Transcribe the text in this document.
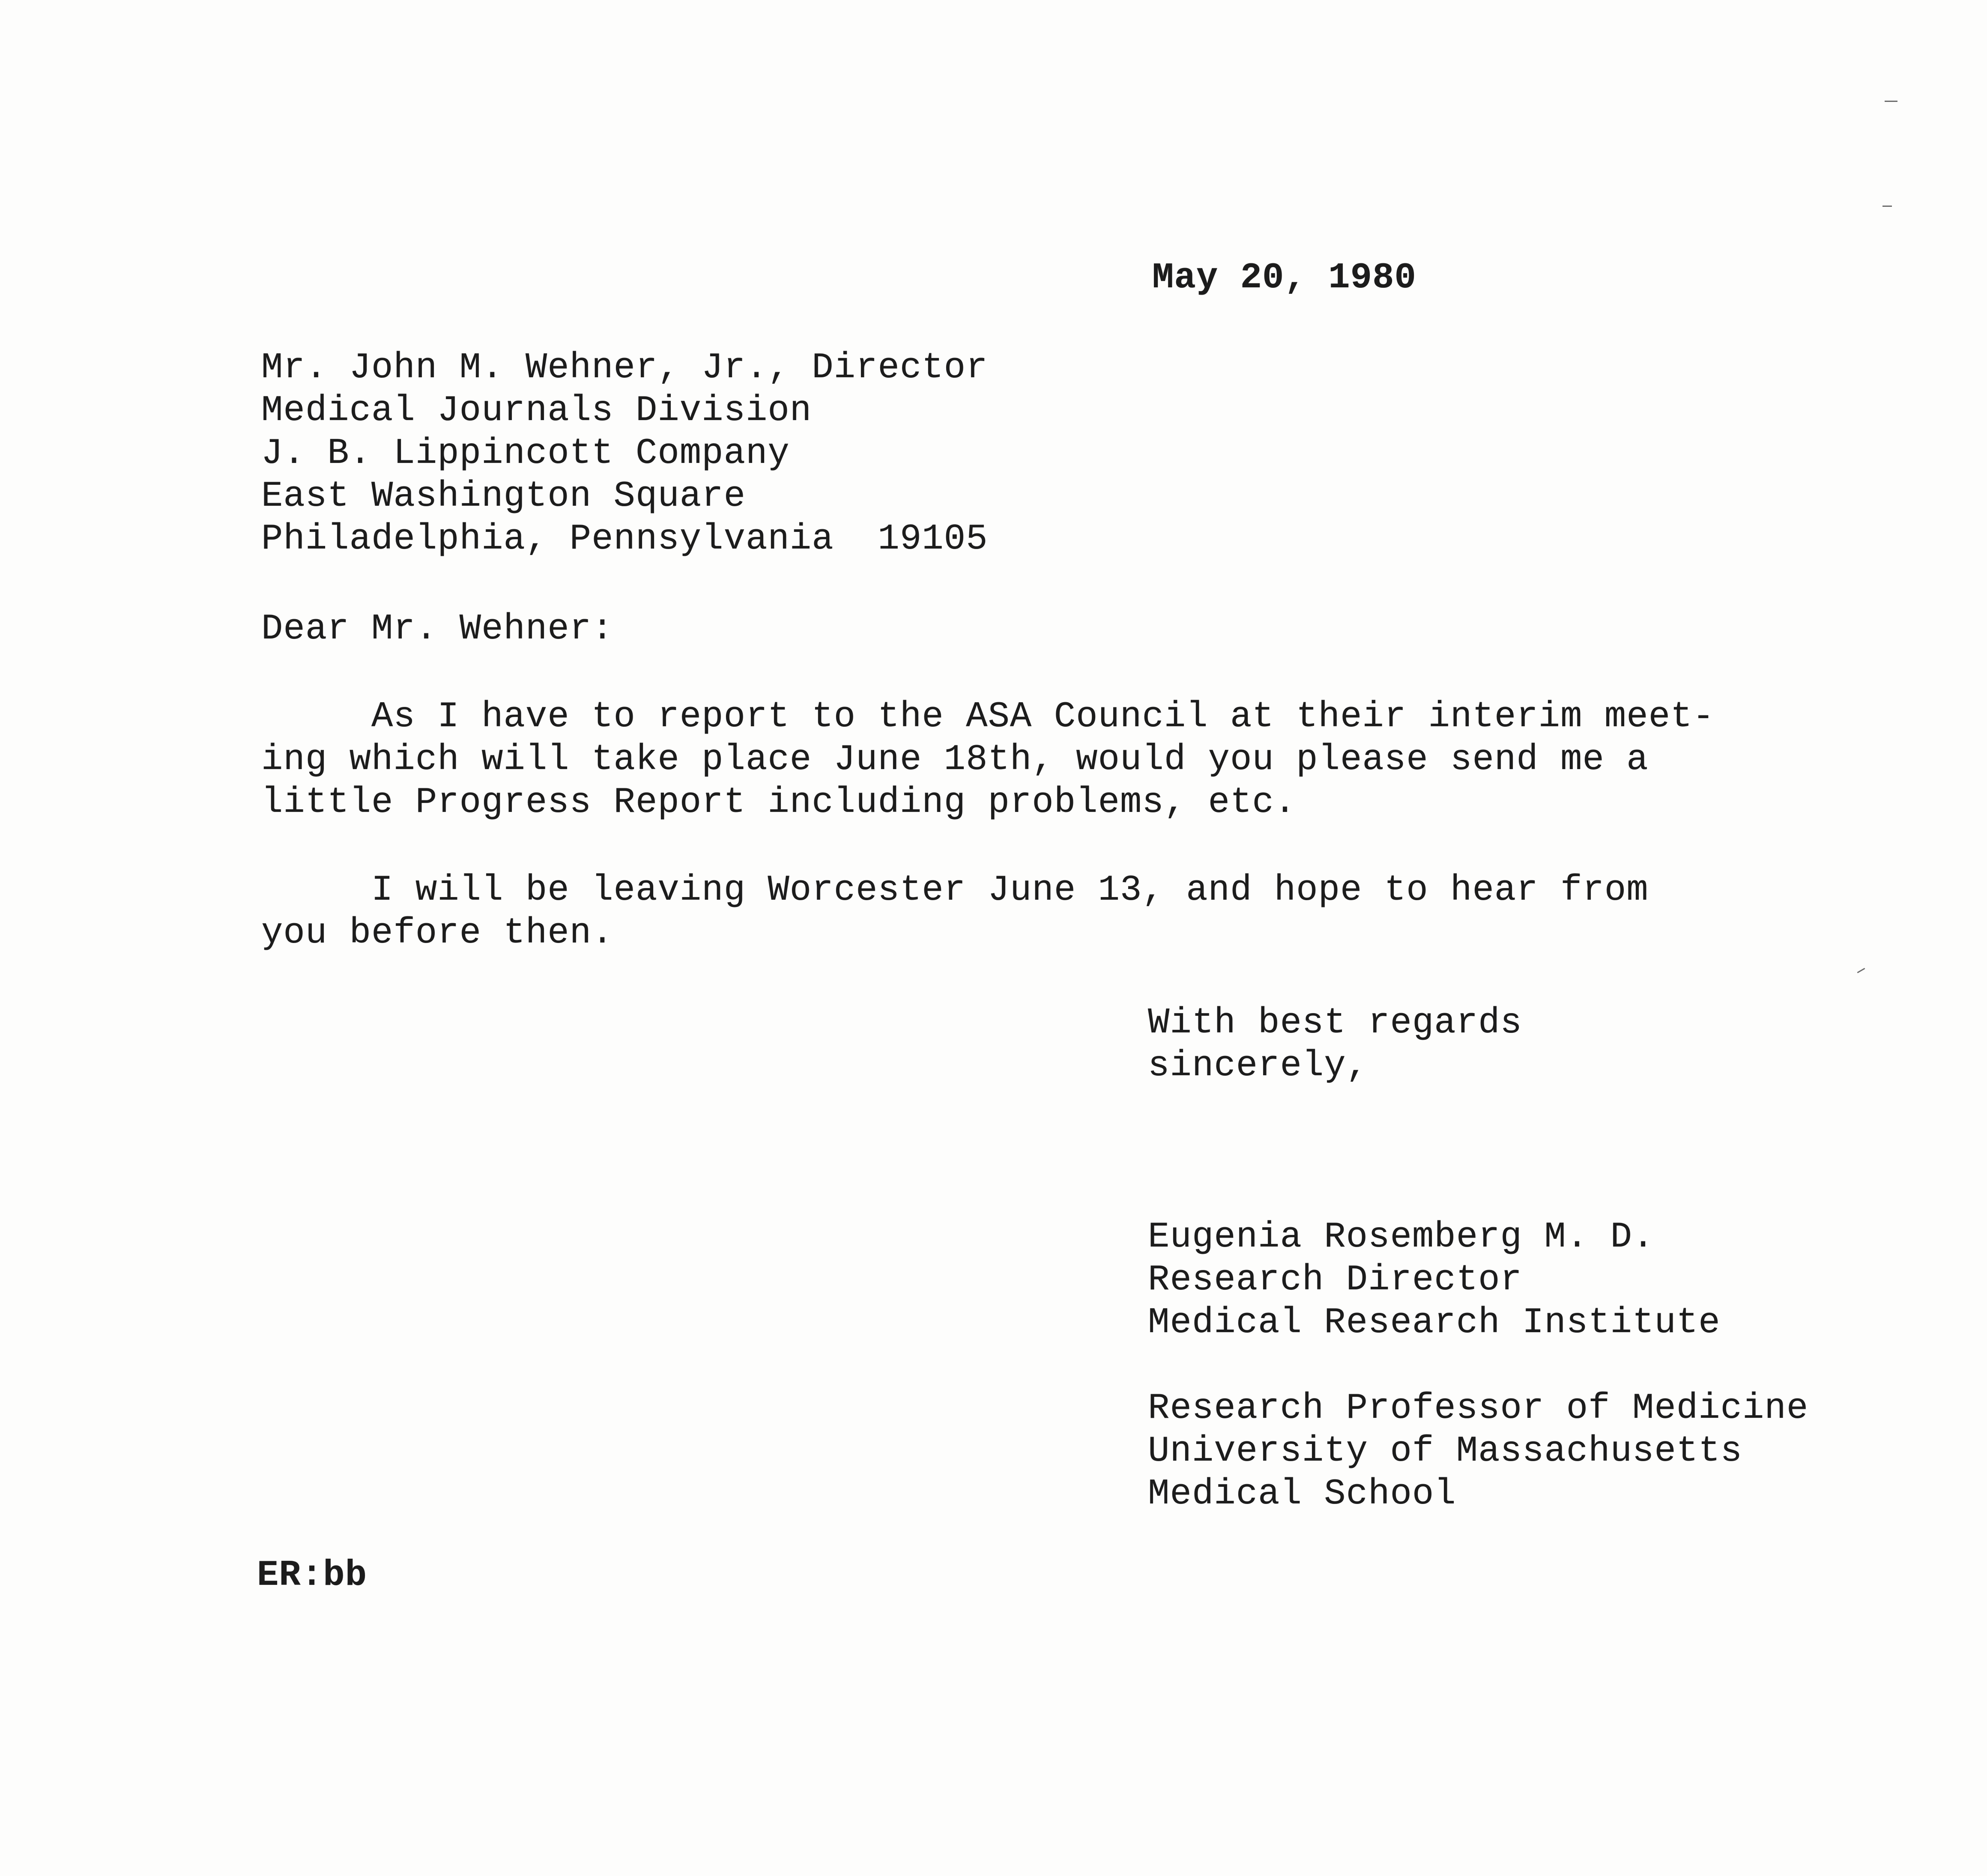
May 20, 1980
Mr. John M. Wehner, Jr., Director
Medical Journals Division
J. B. Lippincott Company
East Washington Square
Philadelphia, Pennsylvania  19105
Dear Mr. Wehner:
As I have to report to the ASA Council at their interim meet-
ing which will take place June 18th, would you please send me a
little Progress Report including problems, etc.
I will be leaving Worcester June 13, and hope to hear from
you before then.
With best regards
sincerely,
Eugenia Rosemberg M. D.
Research Director
Medical Research Institute
Research Professor of Medicine
University of Massachusetts
Medical School
ER:bb
